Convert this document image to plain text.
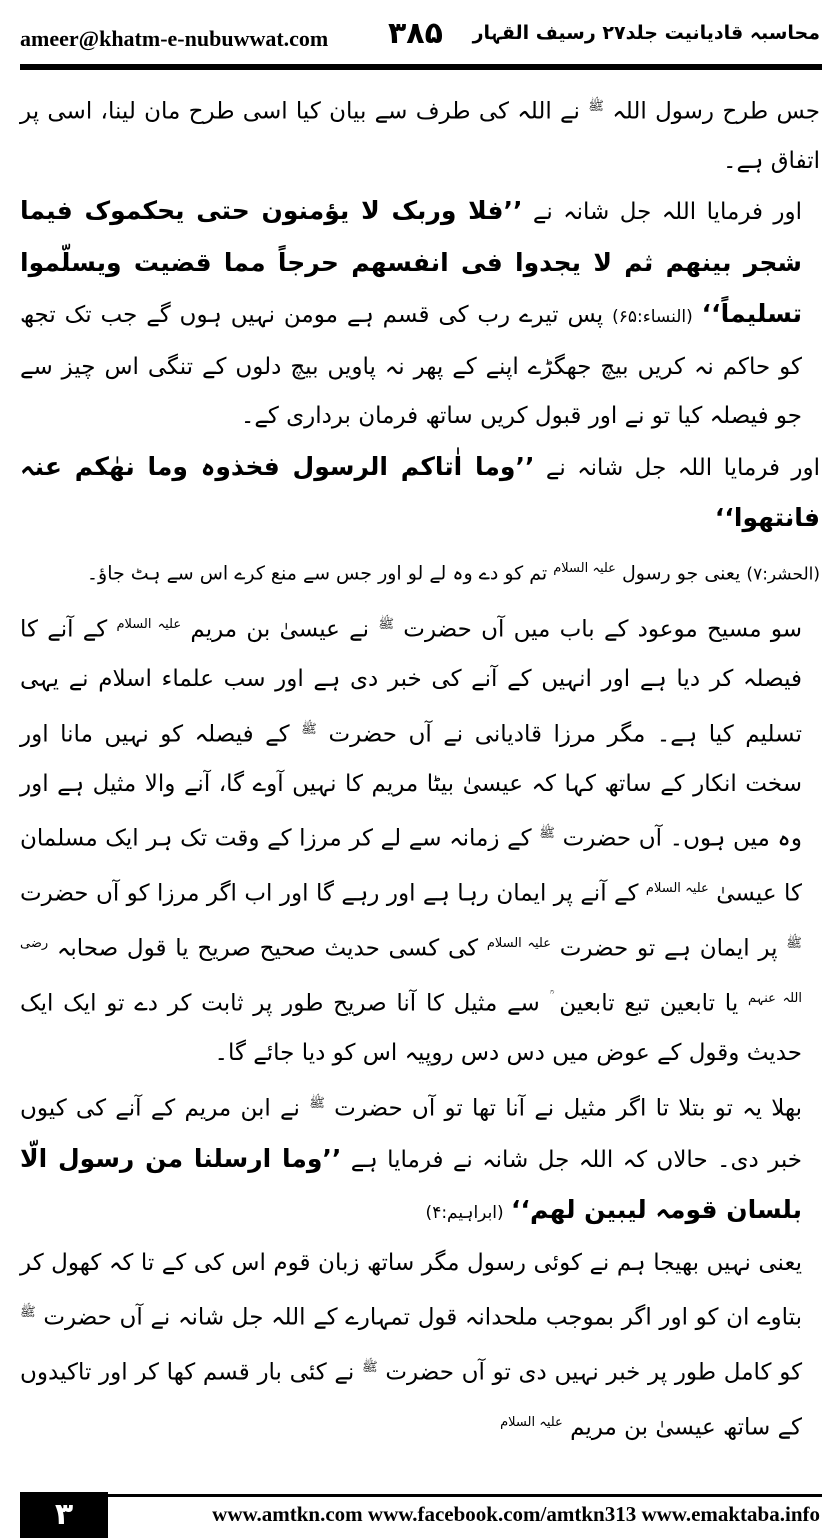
ameer@khatm-e-nubuwwat.com ۳۸۵ محاسبہ قادیانیت جلد۲۷ رسیف القہار

جس طرح رسول اللہ $^ﷺ$ نے اللہ کی طرف سے بیان کیا اسی طرح مان لینا، اسی پر اتفاق ہے۔

اور فرمایا اللہ جل شانہ نے ’’فلا وربک لا یؤمنون حتی یحکموک فیما شجر بینھم ثم لا یجدوا فی انفسھم حرجاً مما قضیت ویسلّموا تسلیماً‘‘ (النساء:۶۵) پس تیرے رب کی قسم ہے مومن نہیں ہوں گے جب تک تجھ کو حاکم نہ کریں بیچ جھگڑے اپنے کے پھر نہ پاویں بیچ دلوں کے تنگی اس چیز سے جو فیصلہ کیا تو نے اور قبول کریں ساتھ فرمان برداری کے۔

اور فرمایا اللہ جل شانہ نے ’’وما اٰتاکم الرسول فخذوہ وما نھٰکم عنہ فانتھوا‘‘

(الحشر:۷) یعنی جو رسول $^{علیہ السلام}$ تم کو دے وہ لے لو اور جس سے منع کرے اس سے ہٹ جاؤ۔

سو مسیح موعود کے باب میں آں حضرت $^ﷺ$ نے عیسیٰ بن مریم $^{علیہ السلام}$ کے آنے کا فیصلہ کر دیا ہے اور انہیں کے آنے کی خبر دی ہے اور سب علماء اسلام نے یہی تسلیم کیا ہے۔ مگر مرزا قادیانی نے آں حضرت $^ﷺ$ کے فیصلہ کو نہیں مانا اور سخت انکار کے ساتھ کہا کہ عیسیٰ بیٹا مریم کا نہیں آوے گا، آنے والا مثیل ہے اور وہ میں ہوں۔ آں حضرت $^ﷺ$ کے زمانہ سے لے کر مرزا کے وقت تک ہر ایک مسلمان کا عیسیٰ $^{علیہ السلام}$ کے آنے پر ایمان رہا ہے اور رہے گا اور اب اگر مرزا کو آں حضرت $^ﷺ$ پر ایمان ہے تو حضرت $^{علیہ السلام}$ کی کسی حدیث صحیح صریح یا قول صحابہ $^{رضی اللہ عنہم}$ یا تابعین تبع تابعین سے مثیل کا آنا صریح طور پر ثابت کر دے تو ایک ایک حدیث وقول کے عوض میں دس دس روپیہ اس کو دیا جائے گا۔

بھلا یہ تو بتلا تا اگر مثیل نے آنا تھا تو آں حضرت $^ﷺ$ نے ابن مریم کے آنے کی کیوں خبر دی۔ حالاں کہ اللہ جل شانہ نے فرمایا ہے ’’وما ارسلنا من رسول الّا بلسان قومہ لیبین لھم‘‘ (ابراہیم:۴)

یعنی نہیں بھیجا ہم نے کوئی رسول مگر ساتھ زبان قوم اس کی کے تا کہ کھول کر بتاوے ان کو اور اگر بموجب ملحدانہ قول تمہارے کے اللہ جل شانہ نے آں حضرت $^ﷺ$ کو کامل طور پر خبر نہیں دی تو آں حضرت $^ﷺ$ نے کئی بار قسم کھا کر اور تاکیدوں کے ساتھ عیسیٰ بن مریم $^{علیہ السلام}$

۳	www.amtkn.com www.facebook.com/amtkn313 www.emaktaba.info
